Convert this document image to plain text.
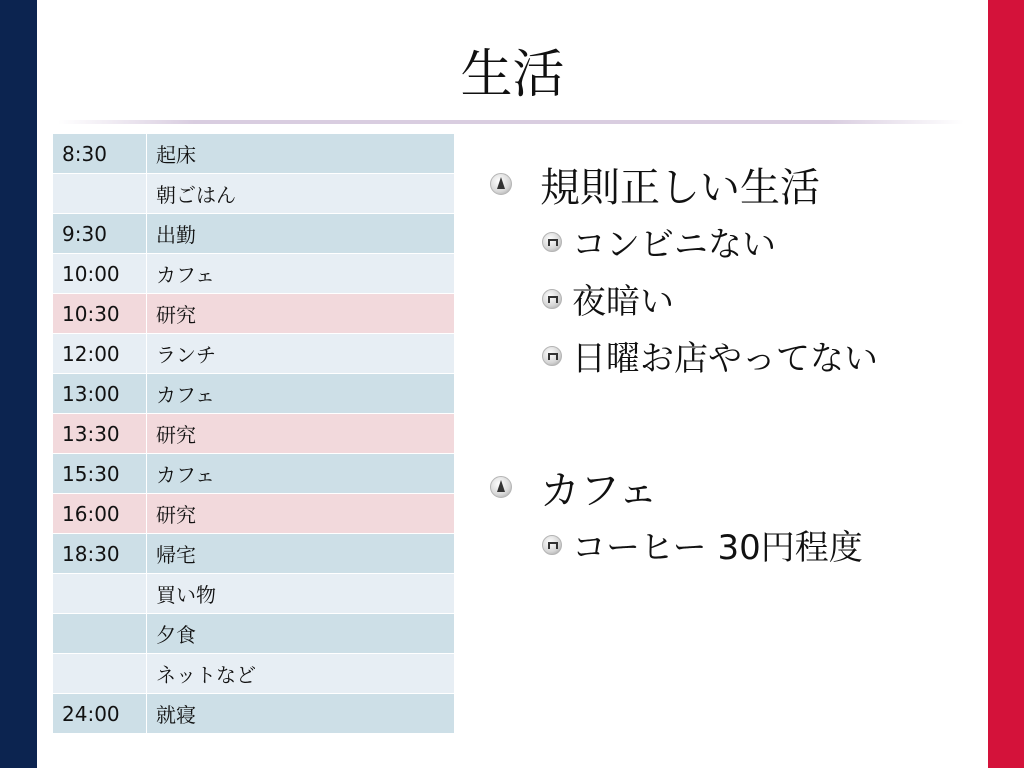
生活
8:30	起床
	朝ごはん
9:30	出勤
10:00	カフェ
10:30	研究
12:00	ランチ
13:00	カフェ
13:30	研究
15:30	カフェ
16:00	研究
18:30	帰宅
	買い物
	夕食
	ネットなど
24:00	就寝
規則正しい生活
コンビニない
夜暗い
日曜お店やってない
カフェ
コーヒー 30円程度
